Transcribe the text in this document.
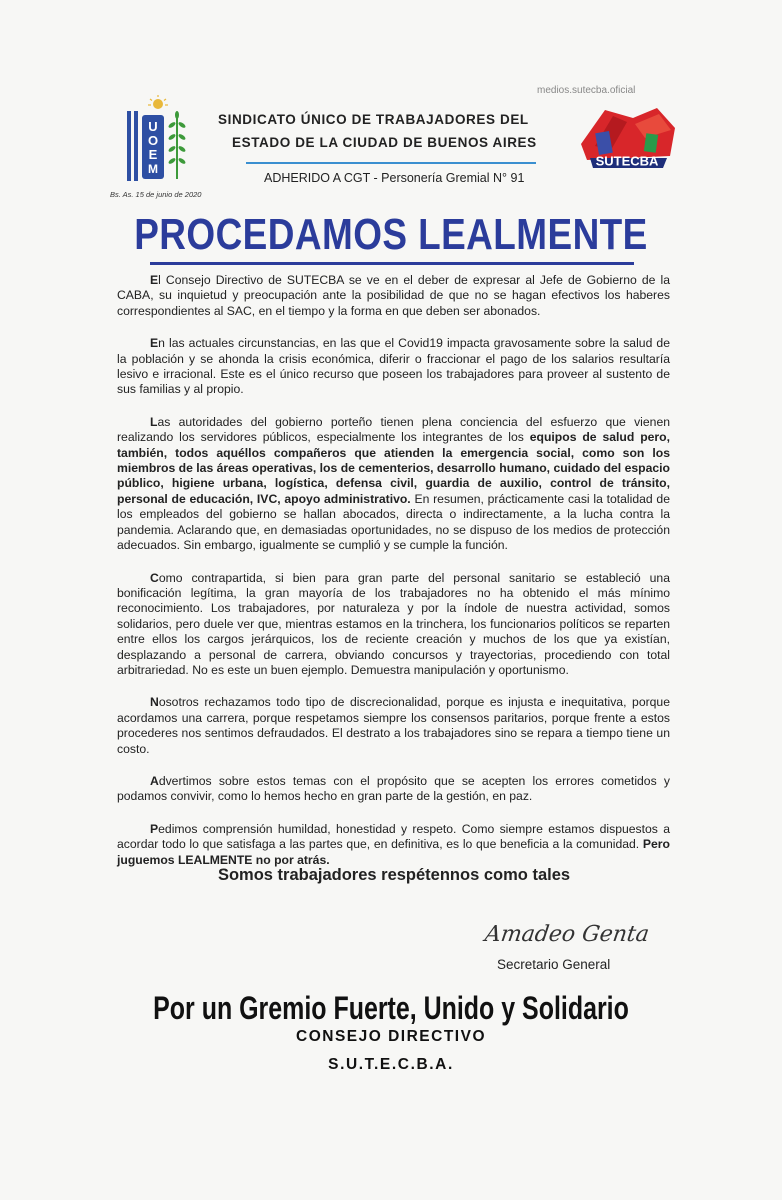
medios.sutecba.oficial
U
O
E
M
SINDICATO ÚNICO DE TRABAJADORES DEL
ESTADO DE LA CIUDAD DE BUENOS AIRES
ADHERIDO A CGT - Personería Gremial N° 91
SUTECBA
Bs. As. 15 de junio de 2020
PROCEDAMOS LEALMENTE

El Consejo Directivo de SUTECBA se ve en el deber de expresar al Jefe de Gobierno de la CABA, su inquietud y preocupación ante la posibilidad de que no se hagan efectivos los haberes correspondientes al SAC, en el tiempo y la forma en que deben ser abonados.

En las actuales circunstancias, en las que el Covid19 impacta gravosamente sobre la salud de la población y se ahonda la crisis económica, diferir o fraccionar el pago de los salarios resultaría lesivo e irracional. Este es el único recurso que poseen los trabajadores para proveer al sustento de sus familias y al propio.

Las autoridades del gobierno porteño tienen plena conciencia del esfuerzo que vienen realizando los servidores públicos, especialmente los integrantes de los equipos de salud pero, también, todos aquéllos compañeros que atienden la emergencia social, como son los miembros de las áreas operativas, los de cementerios, desarrollo humano, cuidado del espacio público, higiene urbana, logística, defensa civil, guardia de auxilio, control de tránsito, personal de educación, IVC, apoyo administrativo. En resumen, prácticamente casi la totalidad de los empleados del gobierno se hallan abocados, directa o indirectamente, a la lucha contra la pandemia. Aclarando que, en demasiadas oportunidades, no se dispuso de los medios de protección adecuados. Sin embargo, igualmente se cumplió y se cumple la función.

Como contrapartida, si bien para gran parte del personal sanitario se estableció una bonificación legítima, la gran mayoría de los trabajadores no ha obtenido el más mínimo reconocimiento. Los trabajadores, por naturaleza y por la índole de nuestra actividad, somos solidarios, pero duele ver que, mientras estamos en la trinchera, los funcionarios políticos se reparten entre ellos los cargos jerárquicos, los de reciente creación y muchos de los que ya existían, desplazando a personal de carrera, obviando concursos y trayectorias, procediendo con total arbitrariedad. No es este un buen ejemplo. Demuestra manipulación y oportunismo.

Nosotros rechazamos todo tipo de discrecionalidad, porque es injusta e inequitativa, porque acordamos una carrera, porque respetamos siempre los consensos paritarios, porque frente a estos procederes nos sentimos defraudados. El destrato a los trabajadores sino se repara a tiempo tiene un costo.

Advertimos sobre estos temas con el propósito que se acepten los errores cometidos y podamos convivir, como lo hemos hecho en gran parte de la gestión, en paz.

Pedimos comprensión humildad, honestidad y respeto. Como siempre estamos dispuestos a acordar todo lo que satisfaga a las partes que, en definitiva, es lo que beneficia a la comunidad. Pero juguemos LEALMENTE no por atrás.

Somos trabajadores respétennos como tales
Amadeo Genta
Secretario General
Por un Gremio Fuerte, Unido y Solidario
CONSEJO DIRECTIVO
S.U.T.E.C.B.A.
